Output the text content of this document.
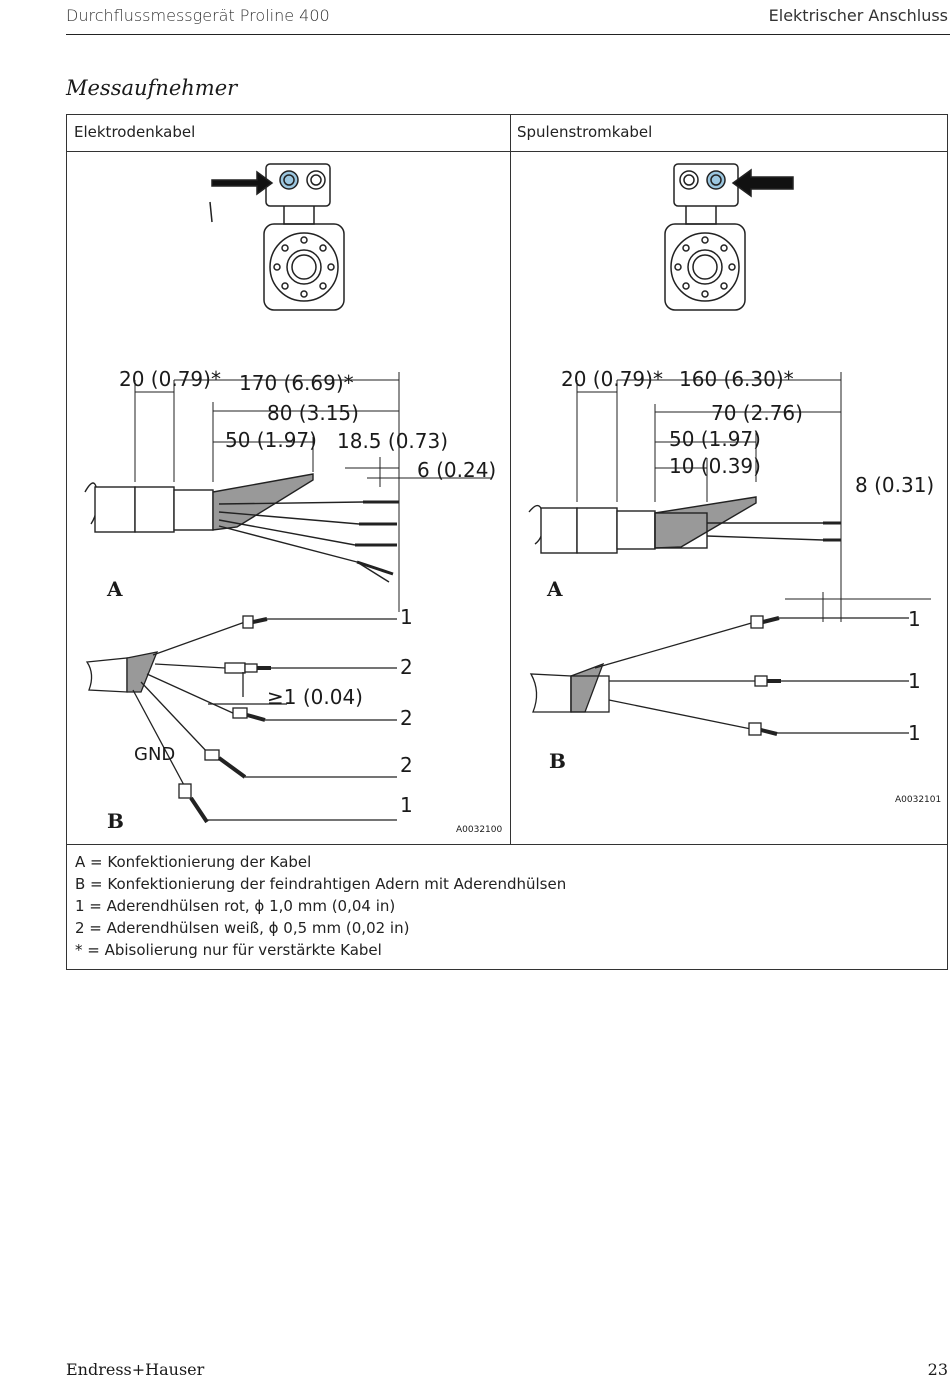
Durchflussmessgerät Proline 400	Elektrischer Anschluss
Messaufnehmer
Elektrodenkabel	Spulenstromkabel
20 (0.79)* 170 (6.69)*
80 (3.15)
50 (1.97) 18.5 (0.73)
6 (0.24)
A
≥1 (0.04)
GND
B
1
2
2
2
1
A0032100
20 (0.79)* 160 (6.30)*
70 (2.76)
50 (1.97)
10 (0.39)
8 (0.31)
A
1
1
1
B
A0032101
A = Konfektionierung der Kabel
B = Konfektionierung der feindrahtigen Adern mit Aderendhülsen
1 = Aderendhülsen rot, ϕ 1,0 mm (0,04 in)
2 = Aderendhülsen weiß, ϕ 0,5 mm (0,02 in)
* = Abisolierung nur für verstärkte Kabel
Endress+Hauser	23
